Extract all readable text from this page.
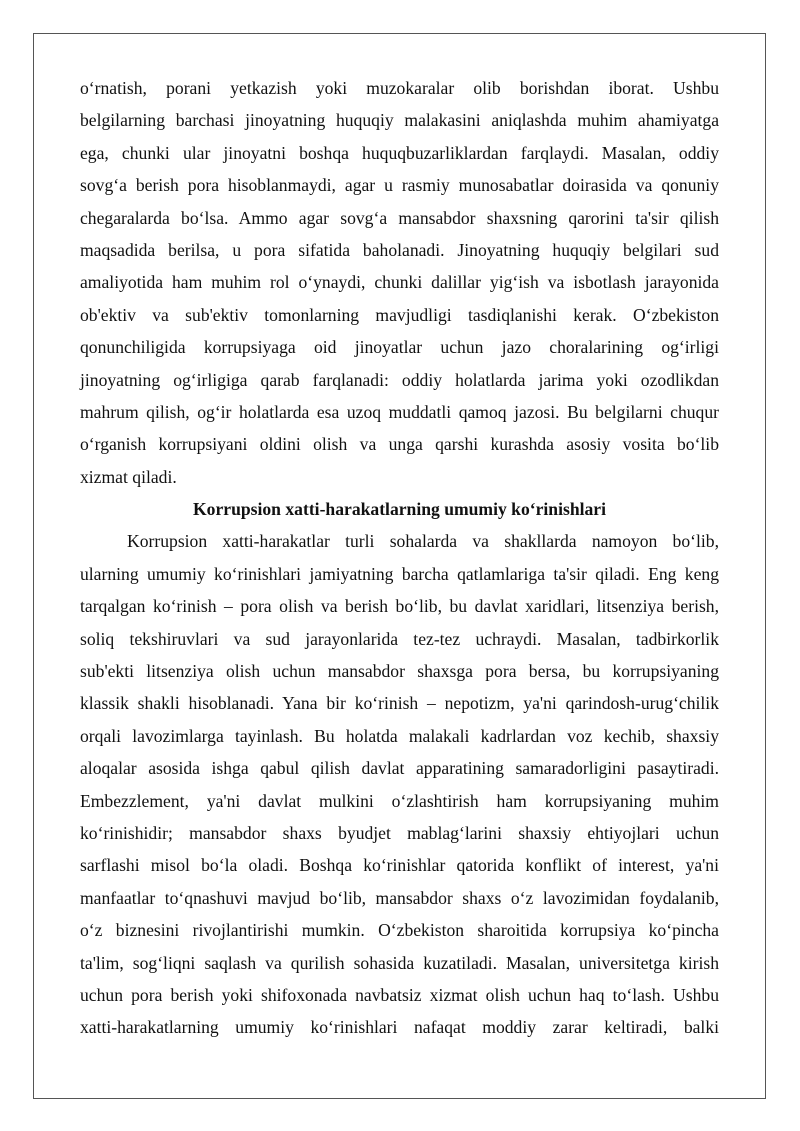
o‘rnatish, porani yetkazish yoki muzokaralar olib borishdan iborat. Ushbu
belgilarning barchasi jinoyatning huquqiy malakasini aniqlashda muhim ahamiyatga
ega, chunki ular jinoyatni boshqa huquqbuzarliklardan farqlaydi. Masalan, oddiy
sovg‘a berish pora hisoblanmaydi, agar u rasmiy munosabatlar doirasida va qonuniy
chegaralarda bo‘lsa. Ammo agar sovg‘a mansabdor shaxsning qarorini ta'sir qilish
maqsadida berilsa, u pora sifatida baholanadi. Jinoyatning huquqiy belgilari sud
amaliyotida ham muhim rol o‘ynaydi, chunki dalillar yig‘ish va isbotlash jarayonida
ob'ektiv va sub'ektiv tomonlarning mavjudligi tasdiqlanishi kerak. O‘zbekiston
qonunchiligida korrupsiyaga oid jinoyatlar uchun jazo choralarining og‘irligi
jinoyatning og‘irligiga qarab farqlanadi: oddiy holatlarda jarima yoki ozodlikdan
mahrum qilish, og‘ir holatlarda esa uzoq muddatli qamoq jazosi. Bu belgilarni chuqur
o‘rganish korrupsiyani oldini olish va unga qarshi kurashda asosiy vosita bo‘lib
xizmat qiladi.
Korrupsion xatti-harakatlarning umumiy ko‘rinishlari
Korrupsion xatti-harakatlar turli sohalarda va shakllarda namoyon bo‘lib,
ularning umumiy ko‘rinishlari jamiyatning barcha qatlamlariga ta'sir qiladi. Eng keng
tarqalgan ko‘rinish – pora olish va berish bo‘lib, bu davlat xaridlari, litsenziya berish,
soliq tekshiruvlari va sud jarayonlarida tez-tez uchraydi. Masalan, tadbirkorlik
sub'ekti litsenziya olish uchun mansabdor shaxsga pora bersa, bu korrupsiyaning
klassik shakli hisoblanadi. Yana bir ko‘rinish – nepotizm, ya'ni qarindosh-urug‘chilik
orqali lavozimlarga tayinlash. Bu holatda malakali kadrlardan voz kechib, shaxsiy
aloqalar asosida ishga qabul qilish davlat apparatining samaradorligini pasaytiradi.
Embezzlement, ya'ni davlat mulkini o‘zlashtirish ham korrupsiyaning muhim
ko‘rinishidir; mansabdor shaxs byudjet mablag‘larini shaxsiy ehtiyojlari uchun
sarflashi misol bo‘la oladi. Boshqa ko‘rinishlar qatorida konflikt of interest, ya'ni
manfaatlar to‘qnashuvi mavjud bo‘lib, mansabdor shaxs o‘z lavozimidan foydalanib,
o‘z biznesini rivojlantirishi mumkin. O‘zbekiston sharoitida korrupsiya ko‘pincha
ta'lim, sog‘liqni saqlash va qurilish sohasida kuzatiladi. Masalan, universitetga kirish
uchun pora berish yoki shifoxonada navbatsiz xizmat olish uchun haq to‘lash. Ushbu
xatti-harakatlarning umumiy ko‘rinishlari nafaqat moddiy zarar keltiradi, balki
